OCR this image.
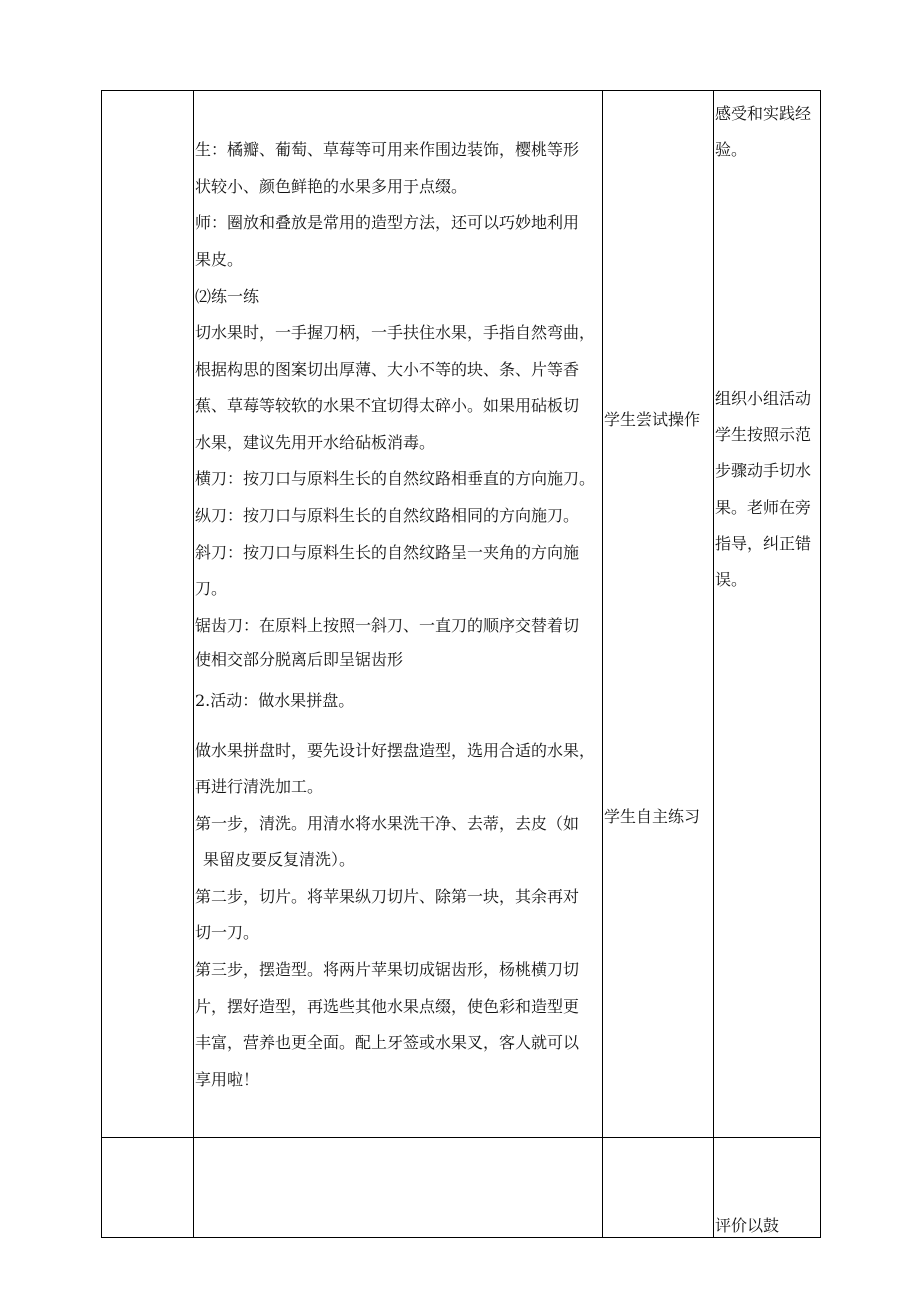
生：橘瓣、葡萄、草莓等可用来作围边装饰，樱桃等形
状较小、颜色鲜艳的水果多用于点缀。
师：圈放和叠放是常用的造型方法，还可以巧妙地利用
果皮。
⑵练一练
切水果时，一手握刀柄，一手扶住水果，手指自然弯曲，
根据构思的图案切出厚薄、大小不等的块、条、片等香
蕉、草莓等较软的水果不宜切得太碎小。如果用砧板切
水果，建议先用开水给砧板消毒。
横刀：按刀口与原料生长的自然纹路相垂直的方向施刀。
纵刀：按刀口与原料生长的自然纹路相同的方向施刀。
斜刀：按刀口与原料生长的自然纹路呈一夹角的方向施
刀。
锯齿刀：在原料上按照一斜刀、一直刀的顺序交替着切
使相交部分脱离后即呈锯齿形
2.活动：做水果拼盘。
做水果拼盘时，要先设计好摆盘造型，选用合适的水果，
再进行清洗加工。
第一步，清洗。用清水将水果洗干净、去蒂，去皮（如
果留皮要反复清洗）。
第二步，切片。将苹果纵刀切片、除第一块，其余再对
切一刀。
第三步，摆造型。将两片苹果切成锯齿形，杨桃横刀切
片，摆好造型，再选些其他水果点缀，使色彩和造型更
丰富，营养也更全面。配上牙签或水果叉，客人就可以
享用啦！
学生尝试操作
学生自主练习
感受和实践经
验。
组织小组活动
学生按照示范
步骤动手切水
果。老师在旁
指导，纠正错
误。
评价以鼓
